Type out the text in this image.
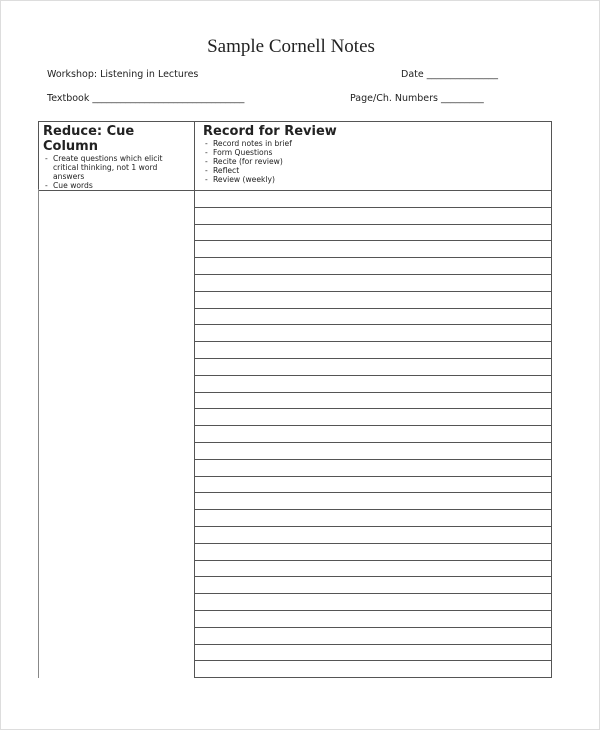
Sample Cornell Notes
Workshop: Listening in Lectures	Date _______________
Textbook ________________________________	Page/Ch. Numbers _________
Reduce: Cue Column
- Create questions which elicit critical thinking, not 1 word answers
- Cue words
Record for Review
- Record notes in brief
- Form Questions
- Recite (for review)
- Reflect
- Review (weekly)
